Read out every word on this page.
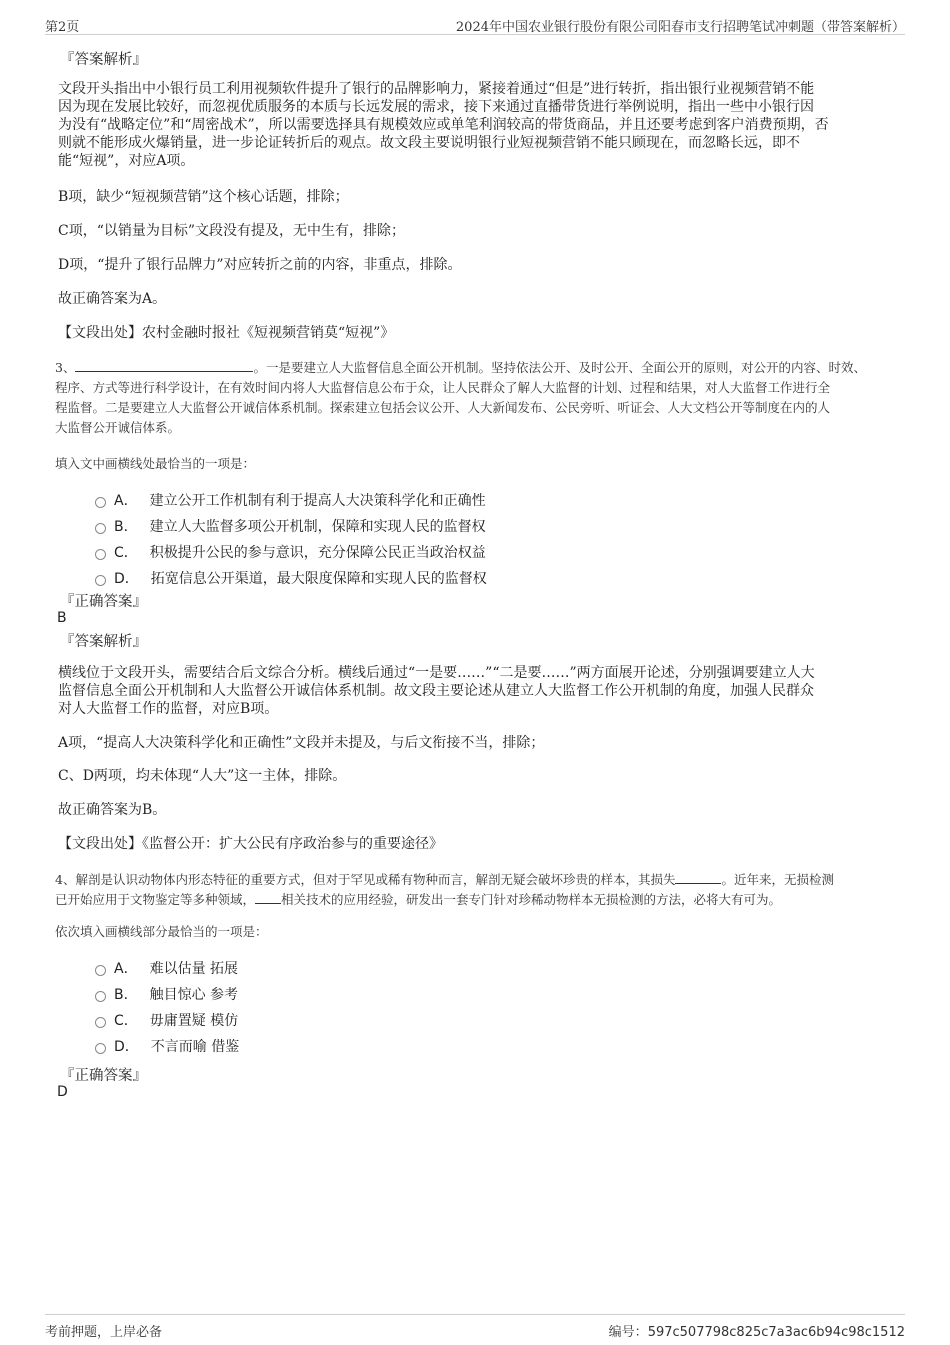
第2页	2024年中国农业银行股份有限公司阳春市支行招聘笔试冲刺题（带答案解析）
『答案解析』
文段开头指出中小银行员工利用视频软件提升了银行的品牌影响力，紧接着通过“但是”进行转折，指出银行业视频营销不能
因为现在发展比较好，而忽视优质服务的本质与长远发展的需求，接下来通过直播带货进行举例说明，指出一些中小银行因
为没有“战略定位”和“周密战术”，所以需要选择具有规模效应或单笔利润较高的带货商品，并且还要考虑到客户消费预期，否
则就不能形成火爆销量，进一步论证转折后的观点。故文段主要说明银行业短视频营销不能只顾现在，而忽略长远，即不
能“短视”，对应A项。
B项，缺少“短视频营销”这个核心话题，排除；
C项，“以销量为目标”文段没有提及，无中生有，排除；
D项，“提升了银行品牌力”对应转折之前的内容，非重点，排除。
故正确答案为A。
【文段出处】农村金融时报社《短视频营销莫“短视”》
3、	。一是要建立人大监督信息全面公开机制。坚持依法公开、及时公开、全面公开的原则，对公开的内容、时效、
程序、方式等进行科学设计，在有效时间内将人大监督信息公布于众，让人民群众了解人大监督的计划、过程和结果，对人大监督工作进行全
程监督。二是要建立人大监督公开诚信体系机制。探索建立包括会议公开、人大新闻发布、公民旁听、听证会、人大文档公开等制度在内的人
大监督公开诚信体系。
填入文中画横线处最恰当的一项是：
A． 建立公开工作机制有利于提高人大决策科学化和正确性
B． 建立人大监督多项公开机制，保障和实现人民的监督权
C． 积极提升公民的参与意识，充分保障公民正当政治权益
D． 拓宽信息公开渠道，最大限度保障和实现人民的监督权
『正确答案』
B
『答案解析』
横线位于文段开头，需要结合后文综合分析。横线后通过“一是要……”“二是要……”两方面展开论述，分别强调要建立人大
监督信息全面公开机制和人大监督公开诚信体系机制。故文段主要论述从建立人大监督工作公开机制的角度，加强人民群众
对人大监督工作的监督，对应B项。
A项，“提高人大决策科学化和正确性”文段并未提及，与后文衔接不当，排除；
C、D两项，均未体现“人大”这一主体，排除。
故正确答案为B。
【文段出处】《监督公开：扩大公民有序政治参与的重要途径》
4、解剖是认识动物体内形态特征的重要方式，但对于罕见或稀有物种而言，解剖无疑会破坏珍贵的样本，其损失	。近年来，无损检测
已开始应用于文物鉴定等多种领域， 相关技术的应用经验，研发出一套专门针对珍稀动物样本无损检测的方法，必将大有可为。
依次填入画横线部分最恰当的一项是：
A． 难以估量 拓展
B． 触目惊心 参考
C． 毋庸置疑 模仿
D． 不言而喻 借鉴
『正确答案』
D
考前押题，上岸必备	编号：597c507798c825c7a3ac6b94c98c1512
